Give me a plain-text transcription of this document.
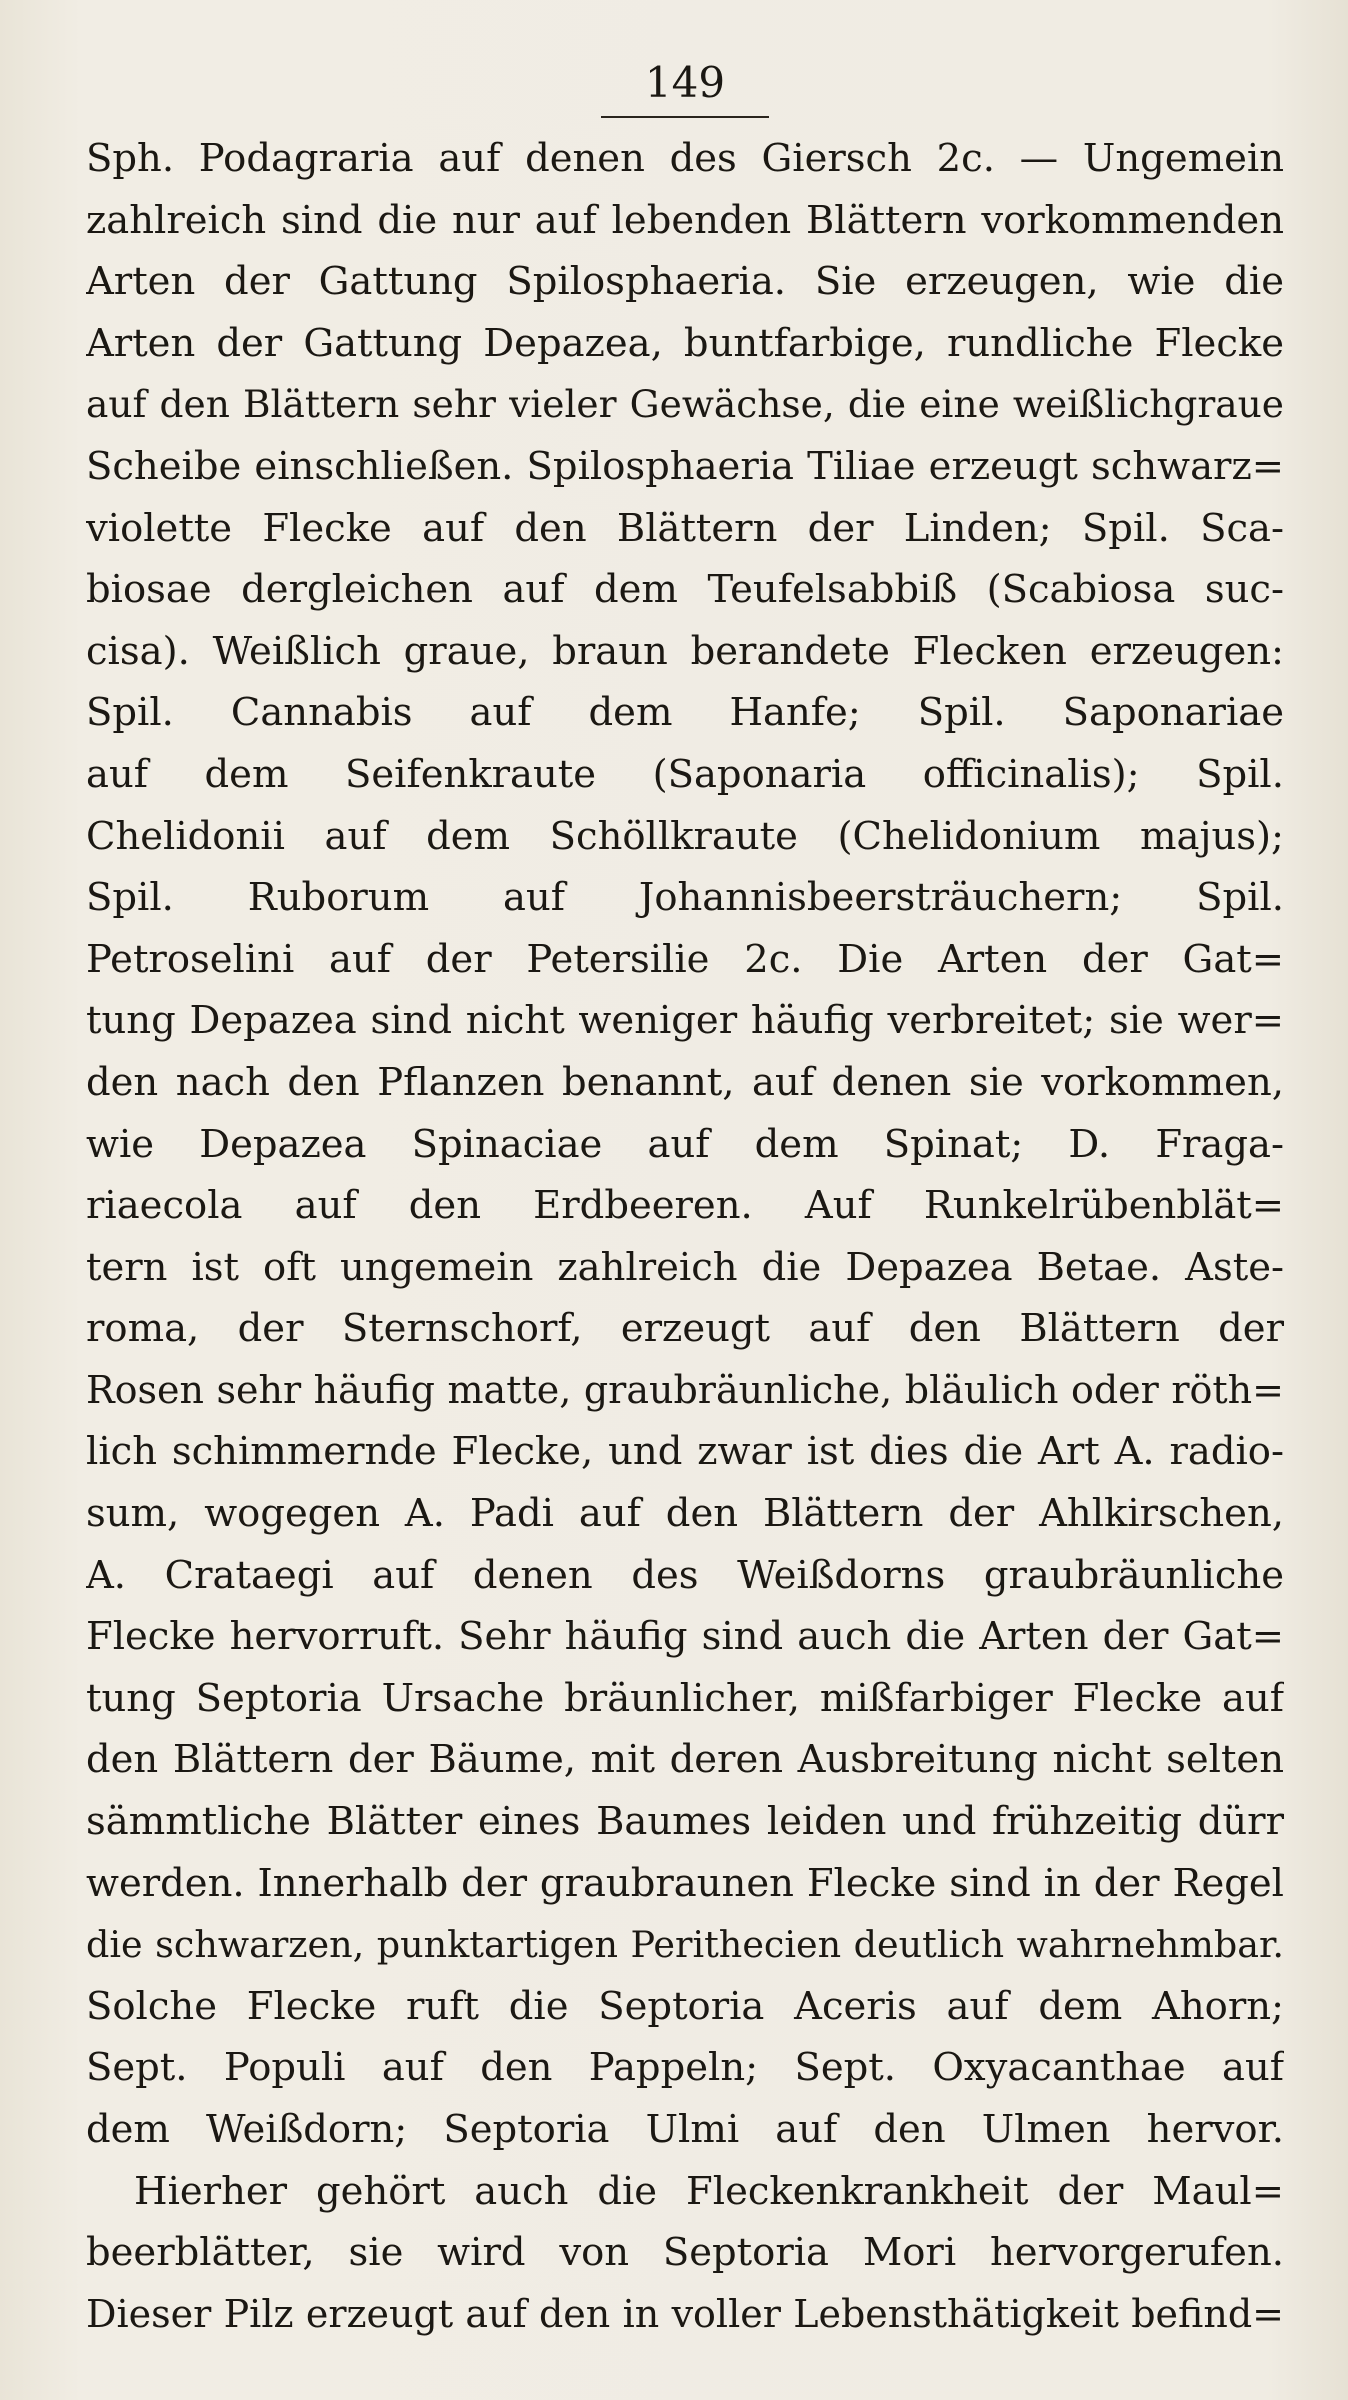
149
Sph. Podagraria auf denen des Giersch 2c. — Ungemein
zahlreich sind die nur auf lebenden Blättern vorkommenden
Arten der Gattung Spilosphaeria. Sie erzeugen, wie die
Arten der Gattung Depazea, buntfarbige, rundliche Flecke
auf den Blättern sehr vieler Gewächse, die eine weißlichgraue
Scheibe einschließen. Spilosphaeria Tiliae erzeugt schwarz=
violette Flecke auf den Blättern der Linden; Spil. Sca-
biosae dergleichen auf dem Teufelsabbiß (Scabiosa suc-
cisa). Weißlich graue, braun berandete Flecken erzeugen:
Spil. Cannabis auf dem Hanfe; Spil. Saponariae
auf dem Seifenkraute (Saponaria officinalis); Spil.
Chelidonii auf dem Schöllkraute (Chelidonium majus);
Spil. Ruborum auf Johannisbeersträuchern; Spil.
Petroselini auf der Petersilie 2c. Die Arten der Gat=
tung Depazea sind nicht weniger häufig verbreitet; sie wer=
den nach den Pflanzen benannt, auf denen sie vorkommen,
wie Depazea Spinaciae auf dem Spinat; D. Fraga-
riaecola auf den Erdbeeren. Auf Runkelrübenblät=
tern ist oft ungemein zahlreich die Depazea Betae. Aste-
roma, der Sternschorf, erzeugt auf den Blättern der
Rosen sehr häufig matte, graubräunliche, bläulich oder röth=
lich schimmernde Flecke, und zwar ist dies die Art A. radio-
sum, wogegen A. Padi auf den Blättern der Ahlkirschen,
A. Crataegi auf denen des Weißdorns graubräunliche
Flecke hervorruft. Sehr häufig sind auch die Arten der Gat=
tung Septoria Ursache bräunlicher, mißfarbiger Flecke auf
den Blättern der Bäume, mit deren Ausbreitung nicht selten
sämmtliche Blätter eines Baumes leiden und frühzeitig dürr
werden. Innerhalb der graubraunen Flecke sind in der Regel
die schwarzen, punktartigen Perithecien deutlich wahrnehmbar.
Solche Flecke ruft die Septoria Aceris auf dem Ahorn;
Sept. Populi auf den Pappeln; Sept. Oxyacanthae auf
dem Weißdorn; Septoria Ulmi auf den Ulmen hervor.
Hierher gehört auch die Fleckenkrankheit der Maul=
beerblätter, sie wird von Septoria Mori hervorgerufen.
Dieser Pilz erzeugt auf den in voller Lebensthätigkeit befind=
